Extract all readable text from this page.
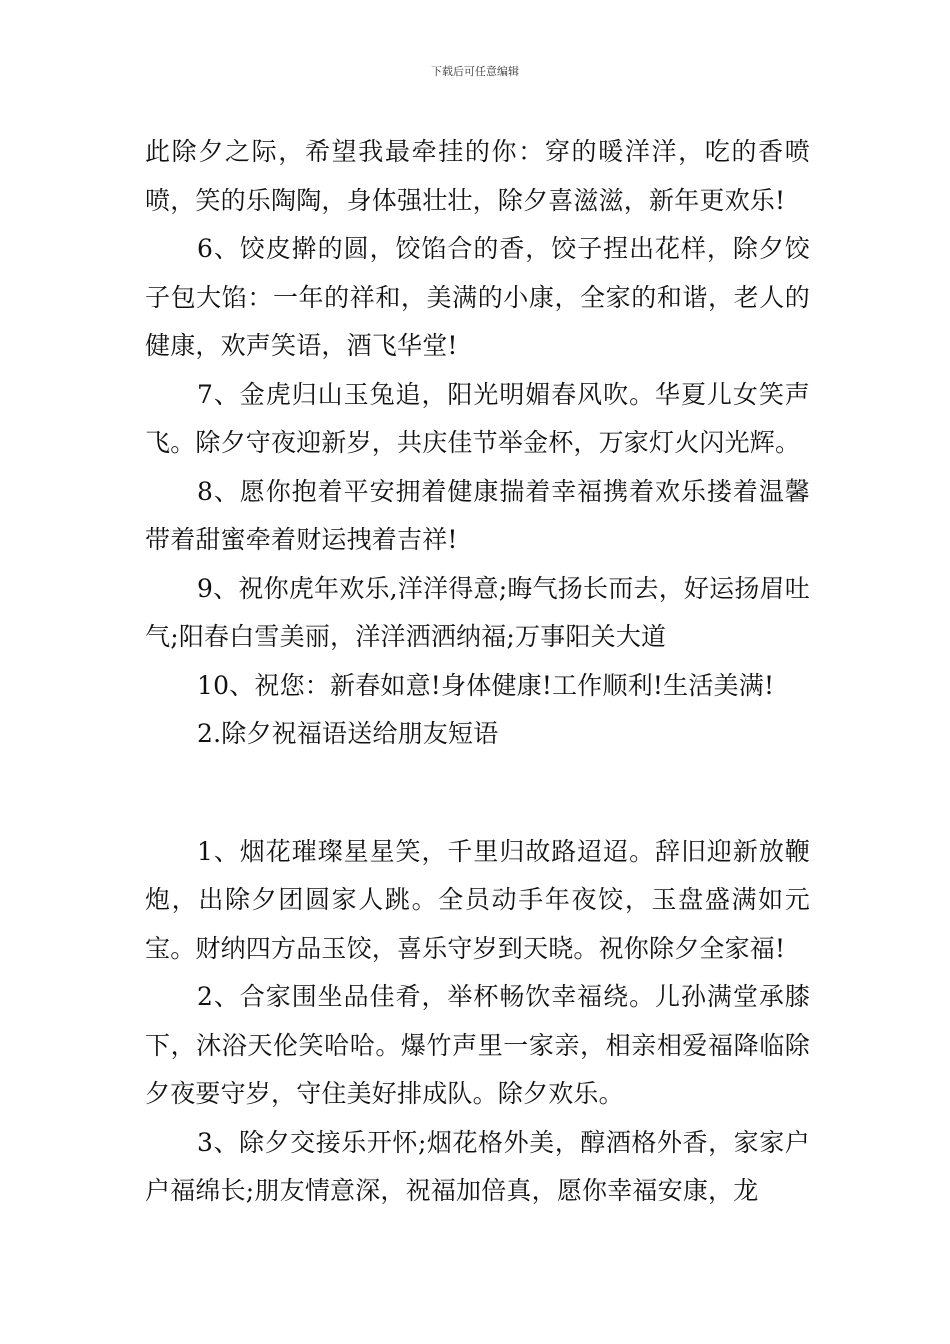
下载后可任意编辑

此除夕之际，希望我最牵挂的你：穿的暖洋洋，吃的香喷喷，笑的乐陶陶，身体强壮壮，除夕喜滋滋，新年更欢乐!

6、饺皮擀的圆，饺馅合的香，饺子捏出花样，除夕饺子包大馅：一年的祥和，美满的小康，全家的和谐，老人的健康，欢声笑语，酒飞华堂!

7、金虎归山玉兔追，阳光明媚春风吹。华夏儿女笑声飞。除夕守夜迎新岁，共庆佳节举金杯，万家灯火闪光辉。

8、愿你抱着平安拥着健康揣着幸福携着欢乐搂着温馨带着甜蜜牵着财运拽着吉祥!

9、祝你虎年欢乐,洋洋得意;晦气扬长而去，好运扬眉吐气;阳春白雪美丽，洋洋洒洒纳福;万事阳关大道

10、祝您：新春如意!身体健康!工作顺利!生活美满!

2.除夕祝福语送给朋友短语

1、烟花璀璨星星笑，千里归故路迢迢。辞旧迎新放鞭炮，出除夕团圆家人跳。全员动手年夜饺，玉盘盛满如元宝。财纳四方品玉饺，喜乐守岁到天晓。祝你除夕全家福!

2、合家围坐品佳肴，举杯畅饮幸福绕。儿孙满堂承膝下，沐浴天伦笑哈哈。爆竹声里一家亲，相亲相爱福降临除夕夜要守岁，守住美好排成队。除夕欢乐。

3、除夕交接乐开怀;烟花格外美，醇酒格外香，家家户户福绵长;朋友情意深，祝福加倍真，愿你幸福安康，龙
